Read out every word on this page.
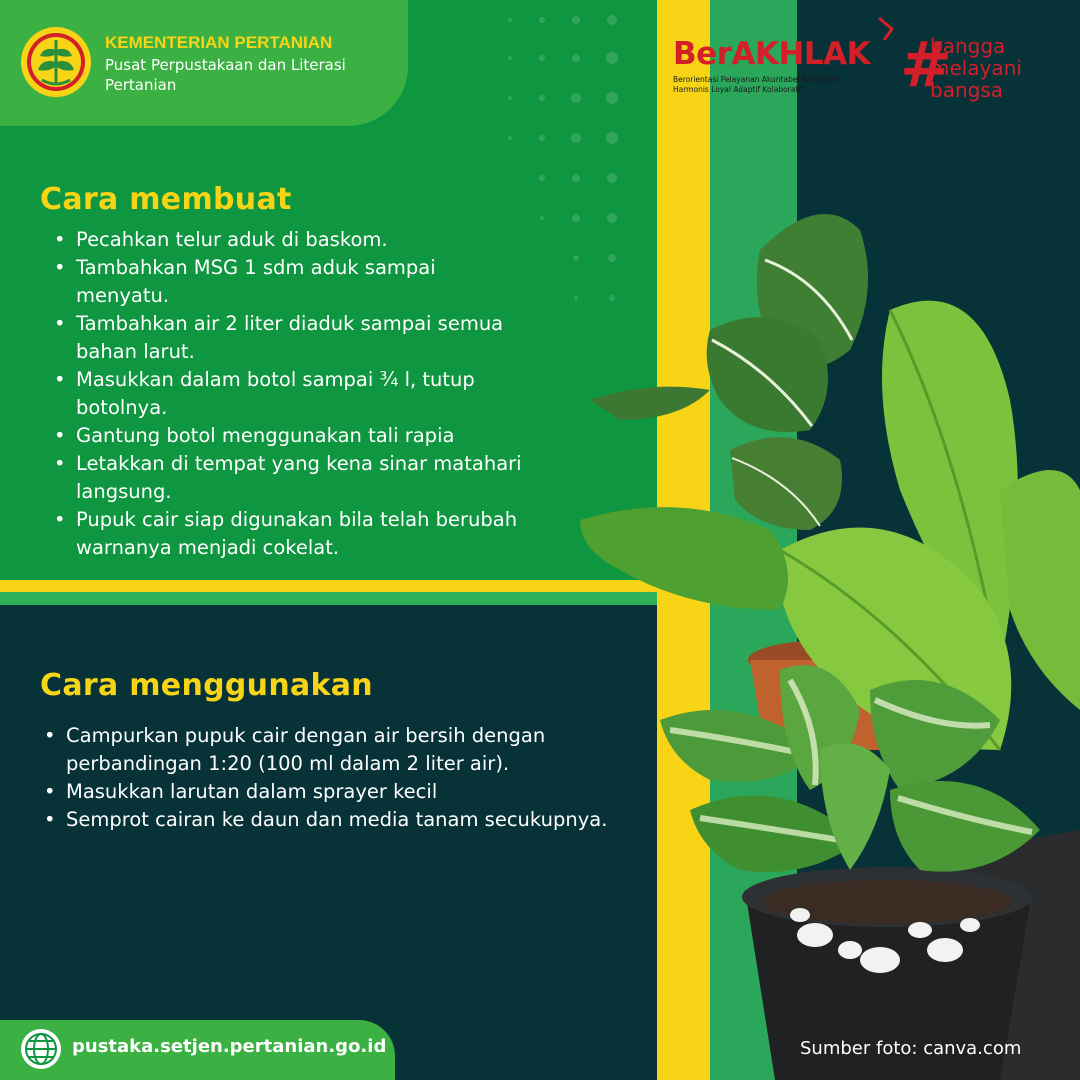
KEMENTERIAN PERTANIAN
Pusat Perpustakaan dan Literasi Pertanian
BerAKHLAK
Berorientasi Pelayanan Akuntabel Kompeten
Harmonis Loyal Adaptif Kolaboratif	#
bangga
melayani
bangsa
Cara membuat
• Pecahkan telur aduk di baskom.
• Tambahkan MSG 1 sdm aduk sampai menyatu.
• Tambahkan air 2 liter diaduk sampai semua bahan larut.
• Masukkan dalam botol sampai ¾ l, tutup botolnya.
• Gantung botol menggunakan tali rapia
• Letakkan di tempat yang kena sinar matahari langsung.
• Pupuk cair siap digunakan bila telah berubah warnanya menjadi cokelat.
Cara menggunakan
• Campurkan pupuk cair dengan air bersih dengan perbandingan 1:20 (100 ml dalam 2 liter air).
• Masukkan larutan dalam sprayer kecil
• Semprot cairan ke daun dan media tanam secukupnya.
pustaka.setjen.pertanian.go.id	Sumber foto: canva.com
